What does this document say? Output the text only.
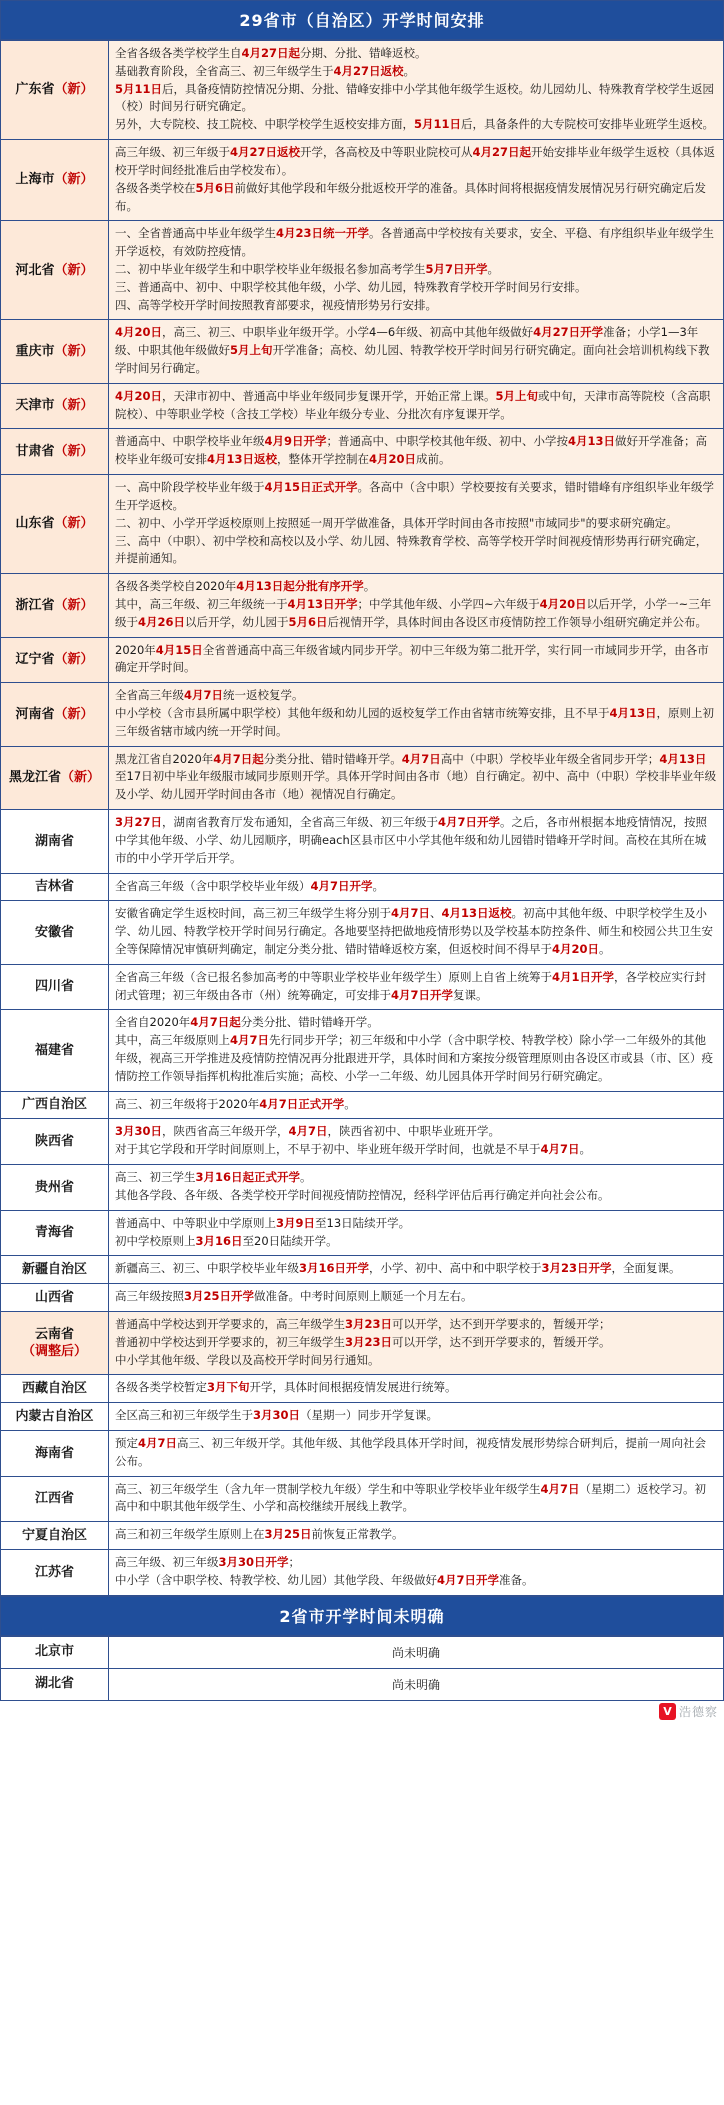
29省市（自治区）开学时间安排
广东省（新）	全省各级各类学校学生自4月27日起分期、分批、错峰返校。

基础教育阶段，全省高三、初三年级学生于4月27日返校。

5月11日后，具备疫情防控情况分期、分批、错峰安排中小学其他年级学生返校。幼儿园幼儿、特殊教育学校学生返园（校）时间另行研究确定。

另外，大专院校、技工院校、中职学校学生返校安排方面，5月11日后，具备条件的大专院校可安排毕业班学生返校。

上海市（新）	高三年级、初三年级于4月27日返校开学，各高校及中等职业院校可从4月27日起开始安排毕业年级学生返校（具体返校开学时间经批准后由学校发布）。

各级各类学校在5月6日前做好其他学段和年级分批返校开学的准备。具体时间将根据疫情发展情况另行研究确定后发布。

河北省（新）	一、全省普通高中毕业年级学生4月23日统一开学。各普通高中学校按有关要求，安全、平稳、有序组织毕业年级学生开学返校，有效防控疫情。

二、初中毕业年级学生和中职学校毕业年级报名参加高考学生5月7日开学。

三、普通高中、初中、中职学校其他年级，小学、幼儿园，特殊教育学校开学时间另行安排。

四、高等学校开学时间按照教育部要求，视疫情形势另行安排。

重庆市（新）	4月20日，高三、初三、中职毕业年级开学。小学4—6年级、初高中其他年级做好4月27日开学准备；小学1—3年级、中职其他年级做好5月上旬开学准备；高校、幼儿园、特教学校开学时间另行研究确定。面向社会培训机构线下教学时间另行确定。

天津市（新）	4月20日，天津市初中、普通高中毕业年级同步复课开学，开始正常上课。5月上旬或中旬，天津市高等院校（含高职院校）、中等职业学校（含技工学校）毕业年级分专业、分批次有序复课开学。

甘肃省（新）	普通高中、中职学校毕业年级4月9日开学；普通高中、中职学校其他年级、初中、小学按4月13日做好开学准备；高校毕业年级可安排4月13日返校，整体开学控制在4月20日成前。

山东省（新）	一、高中阶段学校毕业年级于4月15日正式开学。各高中（含中职）学校要按有关要求，错时错峰有序组织毕业年级学生开学返校。

二、初中、小学开学返校原则上按照延一周开学做准备，具体开学时间由各市按照"市域同步"的要求研究确定。

三、高中（中职）、初中学校和高校以及小学、幼儿园、特殊教育学校、高等学校开学时间视疫情形势再行研究确定，并提前通知。

浙江省（新）	各级各类学校自2020年4月13日起分批有序开学。

其中，高三年级、初三年级统一于4月13日开学；中学其他年级、小学四~六年级于4月20日以后开学，小学一~三年级于4月26日以后开学，幼儿园于5月6日后视情开学，具体时间由各设区市疫情防控工作领导小组研究确定并公布。

辽宁省（新）	2020年4月15日全省普通高中高三年级省域内同步开学。初中三年级为第二批开学，实行同一市域同步开学，由各市确定开学时间。

河南省（新）	全省高三年级4月7日统一返校复学。

中小学校（含市县所属中职学校）其他年级和幼儿园的返校复学工作由省辖市统筹安排，且不早于4月13日，原则上初三年级省辖市域内统一开学时间。

黑龙江省（新）	黑龙江省自2020年4月7日起分类分批、错时错峰开学。4月7日高中（中职）学校毕业年级全省同步开学；4月13日至17日初中毕业年级服市域同步原则开学。具体开学时间由各市（地）自行确定。初中、高中（中职）学校非毕业年级及小学、幼儿园开学时间由各市（地）视情况自行确定。

湖南省	3月27日，湖南省教育厅发布通知，全省高三年级、初三年级于4月7日开学。之后，各市州根据本地疫情情况，按照中学其他年级、小学、幼儿园顺序，明确each区县市区中小学其他年级和幼儿园错时错峰开学时间。高校在其所在城市的中小学开学后开学。

吉林省	全省高三年级（含中职学校毕业年级）4月7日开学。

安徽省	安徽省确定学生返校时间，高三初三年级学生将分别于4月7日、4月13日返校。初高中其他年级、中职学校学生及小学、幼儿园、特教学校开学时间另行确定。各地要坚持把做地疫情形势以及学校基本防控条件、师生和校园公共卫生安全等保障情况审慎研判确定，制定分类分批、错时错峰返校方案，但返校时间不得早于4月20日。

四川省	全省高三年级（含已报名参加高考的中等职业学校毕业年级学生）原则上自省上统筹于4月1日开学，各学校应实行封闭式管理；初三年级由各市（州）统筹确定，可安排于4月7日开学复课。

福建省	全省自2020年4月7日起分类分批、错时错峰开学。

其中，高三年级原则上4月7日先行同步开学；初三年级和中小学（含中职学校、特教学校）除小学一二年级外的其他年级，视高三开学推进及疫情防控情况再分批跟进开学，具体时间和方案按分级管理原则由各设区市或县（市、区）疫情防控工作领导指挥机构批准后实施；高校、小学一二年级、幼儿园具体开学时间另行研究确定。

广西自治区	高三、初三年级将于2020年4月7日正式开学。

陕西省	3月30日，陕西省高三年级开学，4月7日，陕西省初中、中职毕业班开学。

对于其它学段和开学时间原则上，不早于初中、毕业班年级开学时间，也就是不早于4月7日。

贵州省	高三、初三学生3月16日起正式开学。

其他各学段、各年级、各类学校开学时间视疫情防控情况，经科学评估后再行确定并向社会公布。

青海省	普通高中、中等职业中学原则上3月9日至13日陆续开学。

初中学校原则上3月16日至20日陆续开学。

新疆自治区	新疆高三、初三、中职学校毕业年级3月16日开学，小学、初中、高中和中职学校于3月23日开学，全面复课。

山西省	高三年级按照3月25日开学做准备。中考时间原则上顺延一个月左右。

云南省（调整后）	普通高中学校达到开学要求的，高三年级学生3月23日可以开学，达不到开学要求的，暂缓开学；

普通初中学校达到开学要求的，初三年级学生3月23日可以开学，达不到开学要求的，暂缓开学。

中小学其他年级、学段以及高校开学时间另行通知。

西藏自治区	各级各类学校暂定3月下旬开学，具体时间根据疫情发展进行统筹。

内蒙古自治区	全区高三和初三年级学生于3月30日（星期一）同步开学复课。

海南省	预定4月7日高三、初三年级开学。其他年级、其他学段具体开学时间，视疫情发展形势综合研判后，提前一周向社会公布。

江西省	高三、初三年级学生（含九年一贯制学校九年级）学生和中等职业学校毕业年级学生4月7日（星期二）返校学习。初高中和中职其他年级学生、小学和高校继续开展线上教学。

宁夏自治区	高三和初三年级学生原则上在3月25日前恢复正常教学。

江苏省	高三年级、初三年级3月30日开学；

中小学（含中职学校、特教学校、幼儿园）其他学段、年级做好4月7日开学准备。

2省市开学时间未明确
北京市	尚未明确
湖北省	尚未明确
V 浩德察
